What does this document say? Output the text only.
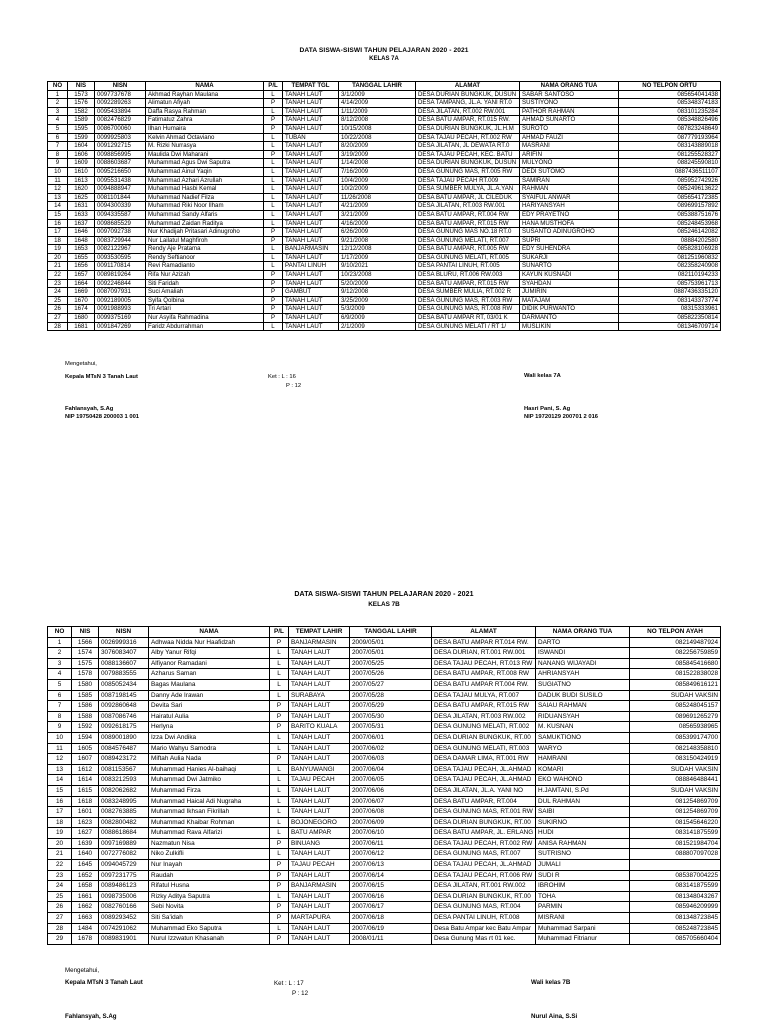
DATA SISWA-SISWI TAHUN PELAJARAN 2020 - 2021
KELAS 7A
NO	NIS	NISN	NAMA	P/L	TEMPAT TGL	TANGGAL LAHIR	ALAMAT	NAMA ORANG TUA	NO TELPON ORTU
1	1573	0097737678	Akhmad Rayhan Maulana	L	TANAH LAUT	3/1/2009	DESA DURIAN BUNGKUK, DUSUN	SABAR SANTOSO	085654041438
2	1576	0092289263	Alimatun Afiyah	P	TANAH LAUT	4/14/2009	DESA TAMPANG, JL.A. YANI RT.0	SUSTIYONO	085348374183
3	1582	0095433894	Daffa Rasya Rahman	L	TANAH LAUT	1/11/2009	DESA JILATAN, RT.002 RW.001	PATHOR RAHMAN	083101235284
4	1589	0082476829	Fatimatuz Zahra	P	TANAH LAUT	8/12/2008	DESA BATU AMPAR, RT.015 RW.	AHMAD SUNARTO	085348826496
5	1595	0086700060	Ilhan Humaira	P	TANAH LAUT	10/15/2008	DESA DURIAN BUNGKUK, JL.H.M	SUROTO	087823248649
6	1599	0099925803	Kelvin Ahmad Octaviano	L	TUBAN	10/22/2008	DESA TAJAU PECAH, RT.002 RW	AHMAD FAUZI	087779193964
7	1604	0091292715	M. Rizki Nurrasya	L	TANAH LAUT	8/20/2009	DESA JILATAN, JL DEWATA RT.0	MASRANI	083143889018
8	1606	0098856995	Maulida Dwi Maharani	P	TANAH LAUT	3/19/2009	DESA TAJAU PECAH, KEC. BATU	ARIFIN	081255528327
9	1609	0088603687	Muhammad Agus Dwi Saputra	L	TANAH LAUT	1/14/2008	DESA DURIAN BUNGKUK, DUSUN	MULYONO	088245590810
10	1610	0095216650	Muhammad Ainul Yaqin	L	TANAH LAUT	7/16/2009	DESA GUNUNG MAS, RT.005 RW	DEDI SUTOMO	0887436511107
11	1613	0095531438	Muhammad Azhari Azrullah	L	TANAH LAUT	10/4/2009	DESA TAJAU PECAH RT.009	SAMIRAN	085952742926
12	1620	0094888947	Muhammad Hasbi Kemal	L	TANAH LAUT	10/2/2009	DESA SUMBER MULYA, JL.A.YAN	RAHMAN	085249613622
13	1625	0081101844	Muhammad Nadief Filza	L	TANAH LAUT	11/26/2008	DESA BATU AMPAR, JL CILEDUK	SYAIFUL ANWAR	085654172385
14	1631	0094300339	Muhammad Riki Noor Ilham	L	TANAH LAUT	4/21/2009	DESA JILATAN, RT.003 RW.001	HARIYANSYAH	089699157892
15	1633	0094335587	Muhammad Sandy Alfaris	L	TANAH LAUT	3/21/2009	DESA BATU AMPAR, RT.004 RW	EDY PRAYETNO	085388751676
16	1637	0098685529	Muhammad Zaidan Raditya	L	TANAH LAUT	4/16/2009	DESA BATU AMPAR, RT.015 RW	HANA MUSTHOFA	085248453968
17	1646	0097092738	Nur Khadijah Pritasari Adinugroho	P	TANAH LAUT	6/26/2009	DESA GUNUNG MAS NO.18 RT.0	SUSANTO ADINUGROHO	085246142082
18	1648	0083729944	Nur Lailatul Maghfiroh	P	TANAH LAUT	9/21/2008	DESA GUNUNG MELATI, RT.007	SUPRI	08884202580
19	1653	0082122967	Rendy Aje Pratama	L	BANJARMASIN	12/12/2008	DESA BATU AMPAR, RT.005 RW	EDY SUHENDRA	085828106928
20	1655	0093530595	Rendy Seftianoor	L	TANAH LAUT	1/17/2009	DESA GUNUNG MELATI, RT.005	SUKARJI	081251960832
21	1656	0091170814	Revi Ramadianto	L	PANTAI LINUH	9/10/2021	DESA PANTAI LINUH, RT.005	SUNARTO	082358240908
22	1657	0089819264	Rifa Nur Azizah	P	TANAH LAUT	10/23/2008	DESA BLURU, RT.006 RW.003	KAYUN KUSNADI	082110194233
23	1664	0092246844	Siti Faridah	P	TANAH LAUT	5/20/2009	DESA BATU AMPAR, RT.015 RW	SYAHDAN	085753961713
24	1669	0087097931	Suci Amaliah	P	GAMBUT	9/12/2008	DESA SUMBER MULIA, RT.002 R	JUMIRIN	0887436335120
25	1670	0092189005	Syifa Qolbina	P	TANAH LAUT	3/25/2009	DESA GUNUNG MAS, RT.003 RW	MATAJAM	083143373774
26	1674	0091988993	Tri Artari	P	TANAH LAUT	5/3/2009	DESA GUNUNG MAS, RT.008 RW	DIDIK PURWANTO	08315333961
27	1680	0099375169	Nur Asyifa Rahmadina	P	TANAH LAUT	6/9/2009	DESA BATU AMPAR RT, 03/01 K	DARMANTO	085822350814
28	1681	0091847269	Faridz Abdurrahman	L	TANAH LAUT	2/1/2009	DESA GUNUNG MELATI / RT 1/	MUSLIKIN	081346709714
Mengetahui,
Kepala MTsN 3 Tanah Laut	Ket : L : 16
P : 12
Wali kelas 7A
Fahlansyah, S.Ag
NIP 19750428 200003 1 001
Hasri Pani, S. Ag
NIP 19720129 200701 2 016
DATA SISWA-SISWI TAHUN PELAJARAN 2020 - 2021
KELAS 7B
NO	NIS	NISN	NAMA	P/L	TEMPAT LAHIR	TANGGAL LAHIR	ALAMAT	NAMA ORANG TUA	NO TELPON AYAH
1	1566	0026999316	Adhwaa Nidda Nur Haafidzah	P	BANJARMASIN	2009/05/01	DESA BATU AMPAR RT.014 RW.	DARTO	082149487924
2	1574	3076083407	Alby Yanur Rifqi	L	TANAH LAUT	2007/05/01	DESA DURIAN, RT.001 RW.001	ISWANDI	082256759859
3	1575	0088136607	Alfiyanor Ramadani	L	TANAH LAUT	2007/05/25	DESA TAJAU PECAH, RT.013 RW	NANANG WIJAYADI	085845416680
4	1578	0079883555	Azharus Saman	L	TANAH LAUT	2007/05/26	DESA BATU AMPAR, RT.008 RW	AHRIANSYAH	081522838028
5	1580	0085052434	Bagas Maulana	L	TANAH LAUT	2007/05/27	DESA BATU AMPAR RT.004 RW.	SUGIATNO	085849616121
6	1585	0087198145	Danny Ade Irawan	L	SURABAYA	2007/05/28	DESA TAJAU MULYA, RT.007	DADUK BUDI SUSILO	SUDAH VAKSIN
7	1586	0092860648	Devita Sari	P	TANAH LAUT	2007/05/29	DESA BATU AMPAR, RT.015 RW	SAIAU RAHMAN	085248045157
8	1588	0087086746	Hairatul Aulia	P	TANAH LAUT	2007/05/30	DESA JILATAN, RT.003 RW.002	RIDUANSYAH	089691265279
9	1592	0092618175	Herlyna	P	BARITO KUALA	2007/05/31	DESA GUNUNG MELATI, RT.002	M. KUSNAN	08565938965
10	1594	0089001890	Izza Dwi Andika	L	TANAH LAUT	2007/06/01	DESA DURIAN BUNGKUK, RT.00	SAMUKTIONO	085399174700
11	1605	0084576487	Mario Wahyu Samodra	L	TANAH LAUT	2007/06/02	DESA GUNUNG MELATI, RT.003	WARYO	082148358810
12	1607	0089423172	Miftah Aulia Nada	P	TANAH LAUT	2007/06/03	DESA DAMAR LIMA, RT.001 RW	HAMRANI	083150424919
13	1612	0081153567	Muhammad Hanies Al-baihaqi	L	BANYUWANGI	2007/06/04	DESA TAJAU PECAH, JL.AHMAD	KOMARI	SUDAH VAKSIN
14	1614	0083212593	Muhammad Dwi Jatmiko	L	TAJAU PECAH	2007/06/05	DESA TAJAU PECAH, JL.AHMAD	EKO WAHONO	088846488441
15	1615	0082062682	Muhammad Firza	L	TANAH LAUT	2007/06/06	DESA JILATAN, JL.A. YANI NO	H.JAMTANI, S.Pd	SUDAH VAKSIN
16	1618	0083248995	Muhammad Haical Adi Nugraha	L	TANAH LAUT	2007/06/07	DESA BATU AMPAR, RT.004	DUL RAHMAN	081254869709
17	1601	0082763885	Muhammad Ikhsan Fikrillah	L	TANAH LAUT	2007/06/08	DESA GUNUNG MAS, RT.001 RW	SAIBI	081254869709
18	1623	0082800482	Muhammad Khaibar Rohman	L	BOJONEGORO	2007/06/09	DESA DURIAN BUNGKUK, RT.00	SUKIRNO	081545646220
19	1627	0088618684	Muhammad Rava Alfarizi	L	BATU AMPAR	2007/06/10	DESA BATU AMPAR, JL. ERLANG	HUDI	083141875599
20	1639	0097169889	Nazmatun Nisa	P	BINUANG	2007/06/11	DESA TAJAU PECAH, RT.002 RW	ANISA RAHMAN	081521984704
21	1640	0072776082	Niko Zulkifli	L	TANAH LAUT	2007/06/12	DESA GUNUNG MAS, RT.007	SUTRISNO	088807097028
22	1645	0094045729	Nur Inayah	P	TAJAU PECAH	2007/06/13	DESA TAJAU PECAH, JL.AHMAD	JUMALI	
23	1652	0097231775	Raudah	P	TANAH LAUT	2007/06/14	DESA TAJAU PECAH, RT.006 RW	SUDI R	085387004225
24	1658	0089486123	Rifatul Husna	P	BANJARMASIN	2007/06/15	DESA JILATAN, RT.001 RW.002	IBROHIM	083141875599
25	1661	0098735006	Rizky Aditya Saputra	L	TANAH LAUT	2007/06/16	DESA DURIAN BUNGKUK, RT.00	TOHA	081348043267
26	1662	0082760166	Sebi Novita	P	TANAH LAUT	2007/06/17	DESA GUNUNG MAS, RT.004	PARMIN	085946209999
27	1663	0089293452	Siti Sa'idah	P	MARTAPURA	2007/06/18	DESA PANTAI LINUH, RT.008	MISRANI	081348723845
28	1484	0074291062	Muhammad Eko Saputra	L	TANAH LAUT	2007/06/19	Desa Batu Ampar kec Batu Ampar	Muhammad Sarpani	085248723845
29	1678	0089831901	Nurul Izzwatun Khasanah	P	TANAH LAUT	2008/01/11	Desa Gunung Mas rt 01 kec.	Muhammad Fitrianur	085705660404
Mengetahui,
Kepala MTsN 3 Tanah Laut	Ket : L : 17
P : 12
Wali kelas 7B
Fahlansyah, S.Ag	Nurul Aina, S.Si
